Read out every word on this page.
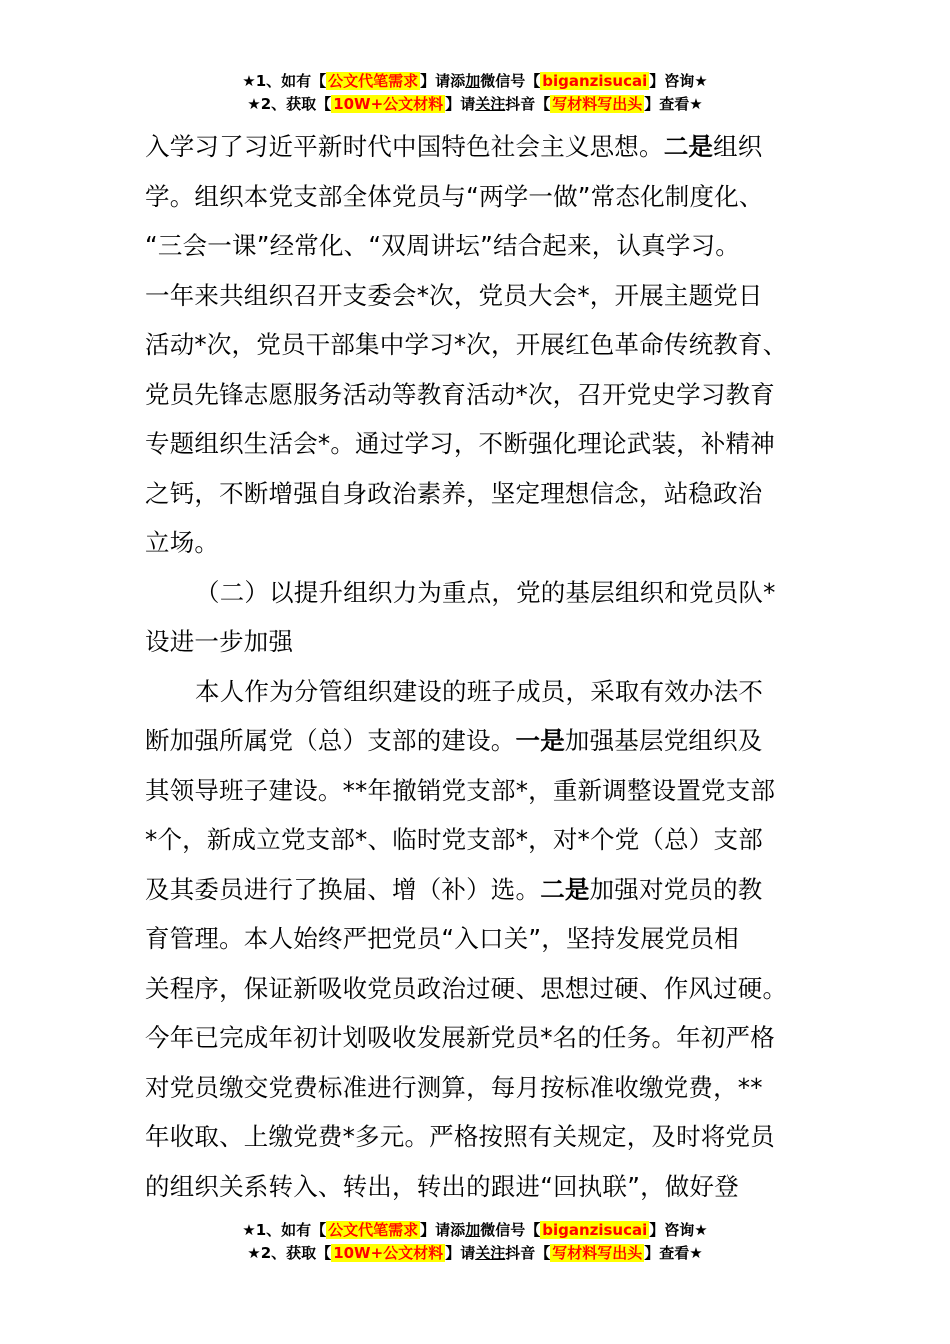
★1、如有【 公文代笔需求 】请添加微信号【 biganzisucai 】咨询★
★2、获取【 10W+公文材料 】请关注抖音【 写材料写出头 】查看★
入学习了习近平新时代中国特色社会主义思想。二是组织
学。组织本党支部全体党员与“两学一做”常态化制度化、
“三会一课”经常化、“双周讲坛”结合起来，认真学习。
一年来共组织召开支委会*次，党员大会*，开展主题党日
活动*次，党员干部集中学习*次，开展红色革命传统教育、
党员先锋志愿服务活动等教育活动*次，召开党史学习教育
专题组织生活会*。通过学习，不断强化理论武装，补精神
之钙，不断增强自身政治素养，坚定理想信念，站稳政治
立场。
（二）以提升组织力为重点，党的基层组织和党员队*
设进一步加强
本人作为分管组织建设的班子成员，采取有效办法不
断加强所属党（总）支部的建设。一是加强基层党组织及
其领导班子建设。**年撤销党支部*，重新调整设置党支部
*个，新成立党支部*、临时党支部*，对*个党（总）支部
及其委员进行了换届、增（补）选。二是加强对党员的教
育管理。本人始终严把党员“入口关”，坚持发展党员相
关程序，保证新吸收党员政治过硬、思想过硬、作风过硬。
今年已完成年初计划吸收发展新党员*名的任务。年初严格
对党员缴交党费标准进行测算，每月按标准收缴党费，**
年收取、上缴党费*多元。严格按照有关规定，及时将党员
的组织关系转入、转出，转出的跟进“回执联”，做好登
★1、如有【 公文代笔需求 】请添加微信号【 biganzisucai 】咨询★
★2、获取【 10W+公文材料 】请关注抖音【 写材料写出头 】查看★
